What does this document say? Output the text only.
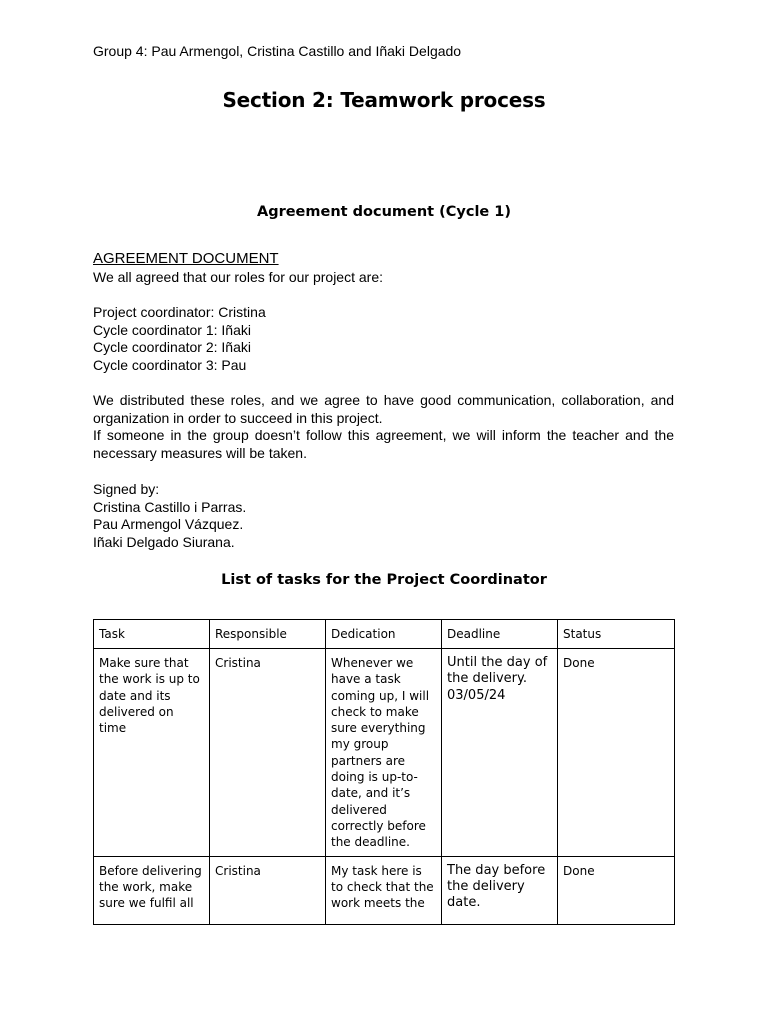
Group 4: Pau Armengol, Cristina Castillo and Iñaki Delgado
Section 2: Teamwork process
Agreement document (Cycle 1)
AGREEMENT DOCUMENT

We all agreed that our roles for our project are:

Project coordinator: Cristina

Cycle coordinator 1: Iñaki

Cycle coordinator 2: Iñaki

Cycle coordinator 3: Pau

We distributed these roles, and we agree to have good communication, collaboration, and organization in order to succeed in this project.

If someone in the group doesn’t follow this agreement, we will inform the teacher and the necessary measures will be taken.

Signed by:

Cristina Castillo i Parras.

Pau Armengol Vázquez.

Iñaki Delgado Siurana.

List of tasks for the Project Coordinator
Task	Responsible	Dedication	Deadline	Status
Make sure that the work is up to date and its delivered on time	Cristina	Whenever we have a task coming up, I will check to make sure everything my group partners are doing is up-to-date, and it’s delivered correctly before the deadline.	Until the day of the delivery. 03/05/24	Done

Before delivering the work, make sure we fulfil all	Cristina	My task here is to check that the work meets the	The day before the delivery date.	Done
